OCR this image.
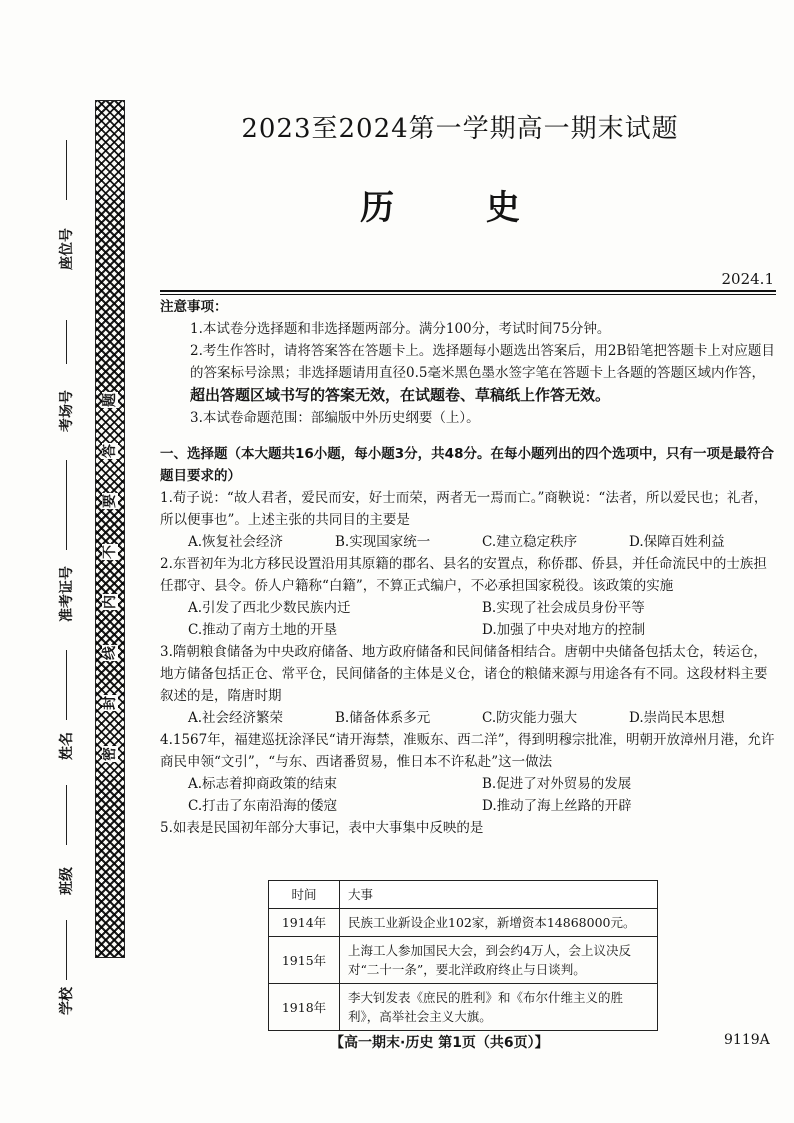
题
答
要
不
内
线
封
密
座位号
考场号
准考证号
姓名
班级
学校
2023至2024第一学期高一期末试题
历 史
2024.1
注意事项：
1.本试卷分选择题和非选择题两部分。满分100分，考试时间75分钟。
2.考生作答时，请将答案答在答题卡上。选择题每小题选出答案后，用2B铅笔把答题卡上对应题目的答案标号涂黑；非选择题请用直径0.5毫米黑色墨水签字笔在答题卡上各题的答题区域内作答，超出答题区域书写的答案无效，在试题卷、草稿纸上作答无效。
3.本试卷命题范围：部编版中外历史纲要（上）。
一、选择题（本大题共16小题，每小题3分，共48分。在每小题列出的四个选项中，只有一项是最符合题目要求的）
1.荀子说：“故人君者，爱民而安，好士而荣，两者无一焉而亡。”商鞅说：“法者，所以爱民也；礼者，所以便事也”。上述主张的共同目的主要是
A.恢复社会经济	B.实现国家统一	C.建立稳定秩序	D.保障百姓利益
2.东晋初年为北方移民设置沿用其原籍的郡名、县名的安置点，称侨郡、侨县，并任命流民中的士族担任郡守、县令。侨人户籍称“白籍”，不算正式编户，不必承担国家税役。该政策的实施
A.引发了西北少数民族内迁	B.实现了社会成员身份平等
C.推动了南方土地的开垦	D.加强了中央对地方的控制
3.隋朝粮食储备为中央政府储备、地方政府储备和民间储备相结合。唐朝中央储备包括太仓，转运仓，地方储备包括正仓、常平仓，民间储备的主体是义仓，诸仓的粮储来源与用途各有不同。这段材料主要叙述的是，隋唐时期
A.社会经济繁荣	B.储备体系多元	C.防灾能力强大	D.崇尚民本思想
4.1567年，福建巡抚涂泽民“请开海禁，准贩东、西二洋”，得到明穆宗批准，明朝开放漳州月港，允许商民申领“文引”，“与东、西诸番贸易，惟日本不许私赴”这一做法
A.标志着抑商政策的结束	B.促进了对外贸易的发展
C.打击了东南沿海的倭寇	D.推动了海上丝路的开辟
5.如表是民国初年部分大事记，表中大事集中反映的是
时间	大事
1914年	民族工业新设企业102家，新增资本14868000元。
1915年	上海工人参加国民大会，到会约4万人，会上议决反对“二十一条”，要北洋政府终止与日谈判。
1918年	李大钊发表《庶民的胜利》和《布尔什维主义的胜利》，高举社会主义大旗。
【高一期末·历史 第1页（共6页）】	9119A
